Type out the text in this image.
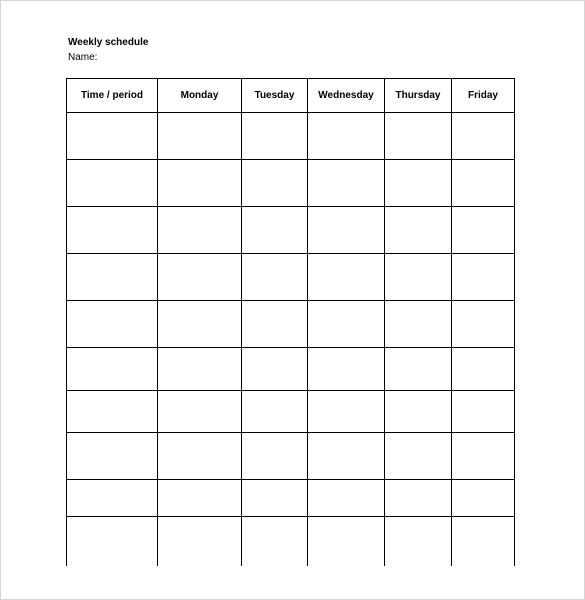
Weekly schedule
Name:
Time / period	Monday	Tuesday	Wednesday	Thursday	Friday
